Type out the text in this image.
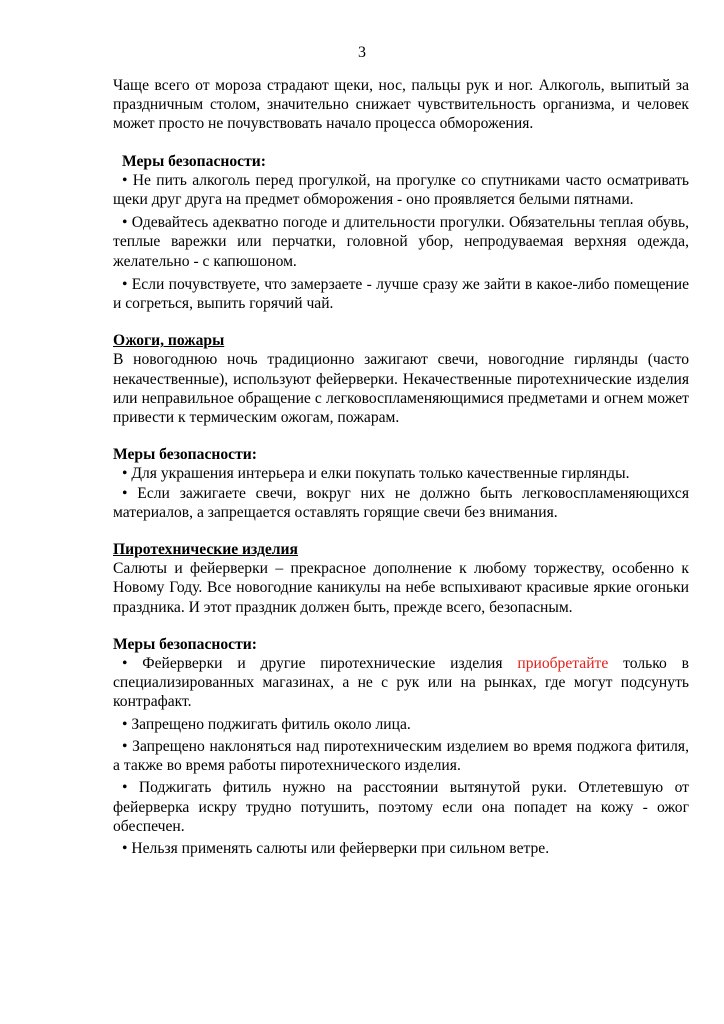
3

Чаще всего от мороза страдают щеки, нос, пальцы рук и ног. Алкоголь, выпитый за праздничным столом, значительно снижает чувствительность организма, и человек может просто не почувствовать начало процесса обморожения.

Меры безопасности:

• Не пить алкоголь перед прогулкой, на прогулке со спутниками часто осматривать щеки друг друга на предмет обморожения - оно проявляется белыми пятнами.

• Одевайтесь адекватно погоде и длительности прогулки. Обязательны теплая обувь, теплые варежки или перчатки, головной убор, непродуваемая верхняя одежда, желательно - с капюшоном.

• Если почувствуете, что замерзаете - лучше сразу же зайти в какое-либо помещение и согреться, выпить горячий чай.

Ожоги, пожары

В новогоднюю ночь традиционно зажигают свечи, новогодние гирлянды (часто некачественные), используют фейерверки. Некачественные пиротехнические изделия или неправильное обращение с легковоспламеняющимися предметами и огнем может привести к термическим ожогам, пожарам.

Меры безопасности:

• Для украшения интерьера и елки покупать только качественные гирлянды.

• Если зажигаете свечи, вокруг них не должно быть легковоспламеняющихся материалов, а запрещается оставлять горящие свечи без внимания.

Пиротехнические изделия

Салюты и фейерверки – прекрасное дополнение к любому торжеству, особенно к Новому Году. Все новогодние каникулы на небе вспыхивают красивые яркие огоньки праздника. И этот праздник должен быть, прежде всего, безопасным.

Меры безопасности:

• Фейерверки и другие пиротехнические изделия приобретайте только в специализированных магазинах, а не с рук или на рынках, где могут подсунуть контрафакт.

• Запрещено поджигать фитиль около лица.

• Запрещено наклоняться над пиротехническим изделием во время поджога фитиля, а также во время работы пиротехнического изделия.

• Поджигать фитиль нужно на расстоянии вытянутой руки. Отлетевшую от фейерверка искру трудно потушить, поэтому если она попадет на кожу - ожог обеспечен.

• Нельзя применять салюты или фейерверки при сильном ветре.
